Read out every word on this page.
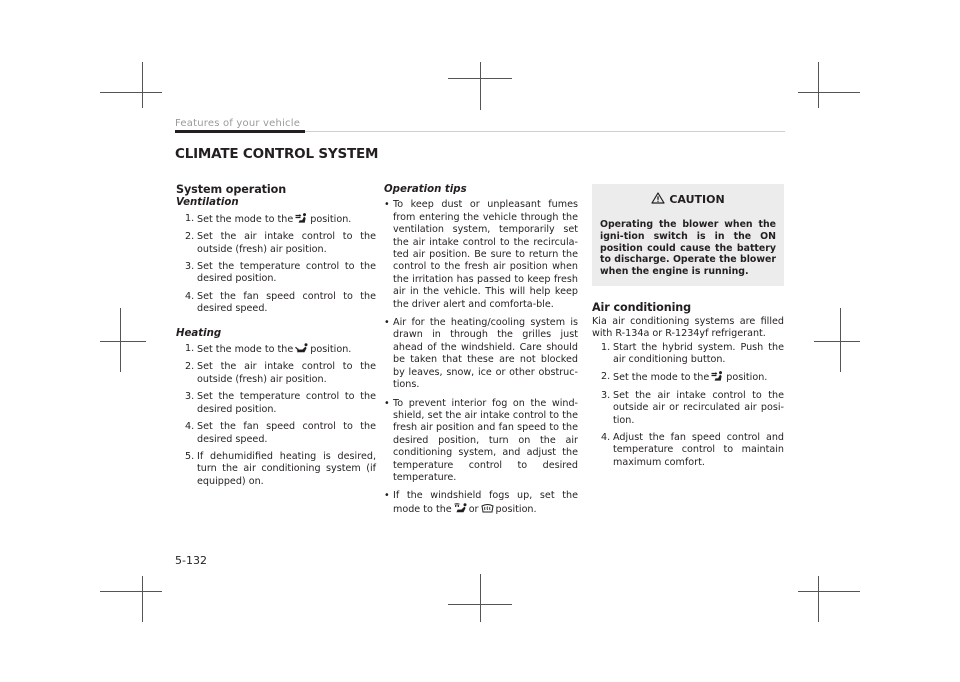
Features of your vehicle
CLIMATE CONTROL SYSTEM
System operation
Ventilation
1. Set the mode to the position.
2. Set the air intake control to the outside (fresh) air position.
3. Set the temperature control to the desired position.
4. Set the fan speed control to the desired speed.
Heating
1. Set the mode to the position.
2. Set the air intake control to the outside (fresh) air position.
3. Set the temperature control to the desired position.
4. Set the fan speed control to the desired speed.
5. If dehumidified heating is desired, turn the air conditioning system (if equipped) on.
Operation tips
• To keep dust or unpleasant fumes from entering the vehicle through the ventilation system, temporarily set the air intake control to the recircula-ted air position. Be sure to return the control to the fresh air position when the irritation has passed to keep fresh air in the vehicle. This will help keep the driver alert and comforta-ble.
• Air for the heating/cooling system is drawn in through the grilles just ahead of the windshield. Care should be taken that these are not blocked by leaves, snow, ice or other obstruc-tions.
• To prevent interior fog on the wind-shield, set the air intake control to the fresh air position and fan speed to the desired position, turn on the air conditioning system, and adjust the temperature control to desired temperature.
• If the windshield fogs up, set the mode to the or position.
CAUTION
Operating the blower when the igni-tion switch is in the ON position could cause the battery to discharge. Operate the blower when the engine is running.
Air conditioning
Kia air conditioning systems are filled with R-134a or R-1234yf refrigerant.
1. Start the hybrid system. Push the air conditioning button.
2. Set the mode to the position.
3. Set the air intake control to the outside air or recirculated air posi-tion.
4. Adjust the fan speed control and temperature control to maintain maximum comfort.
5-132
